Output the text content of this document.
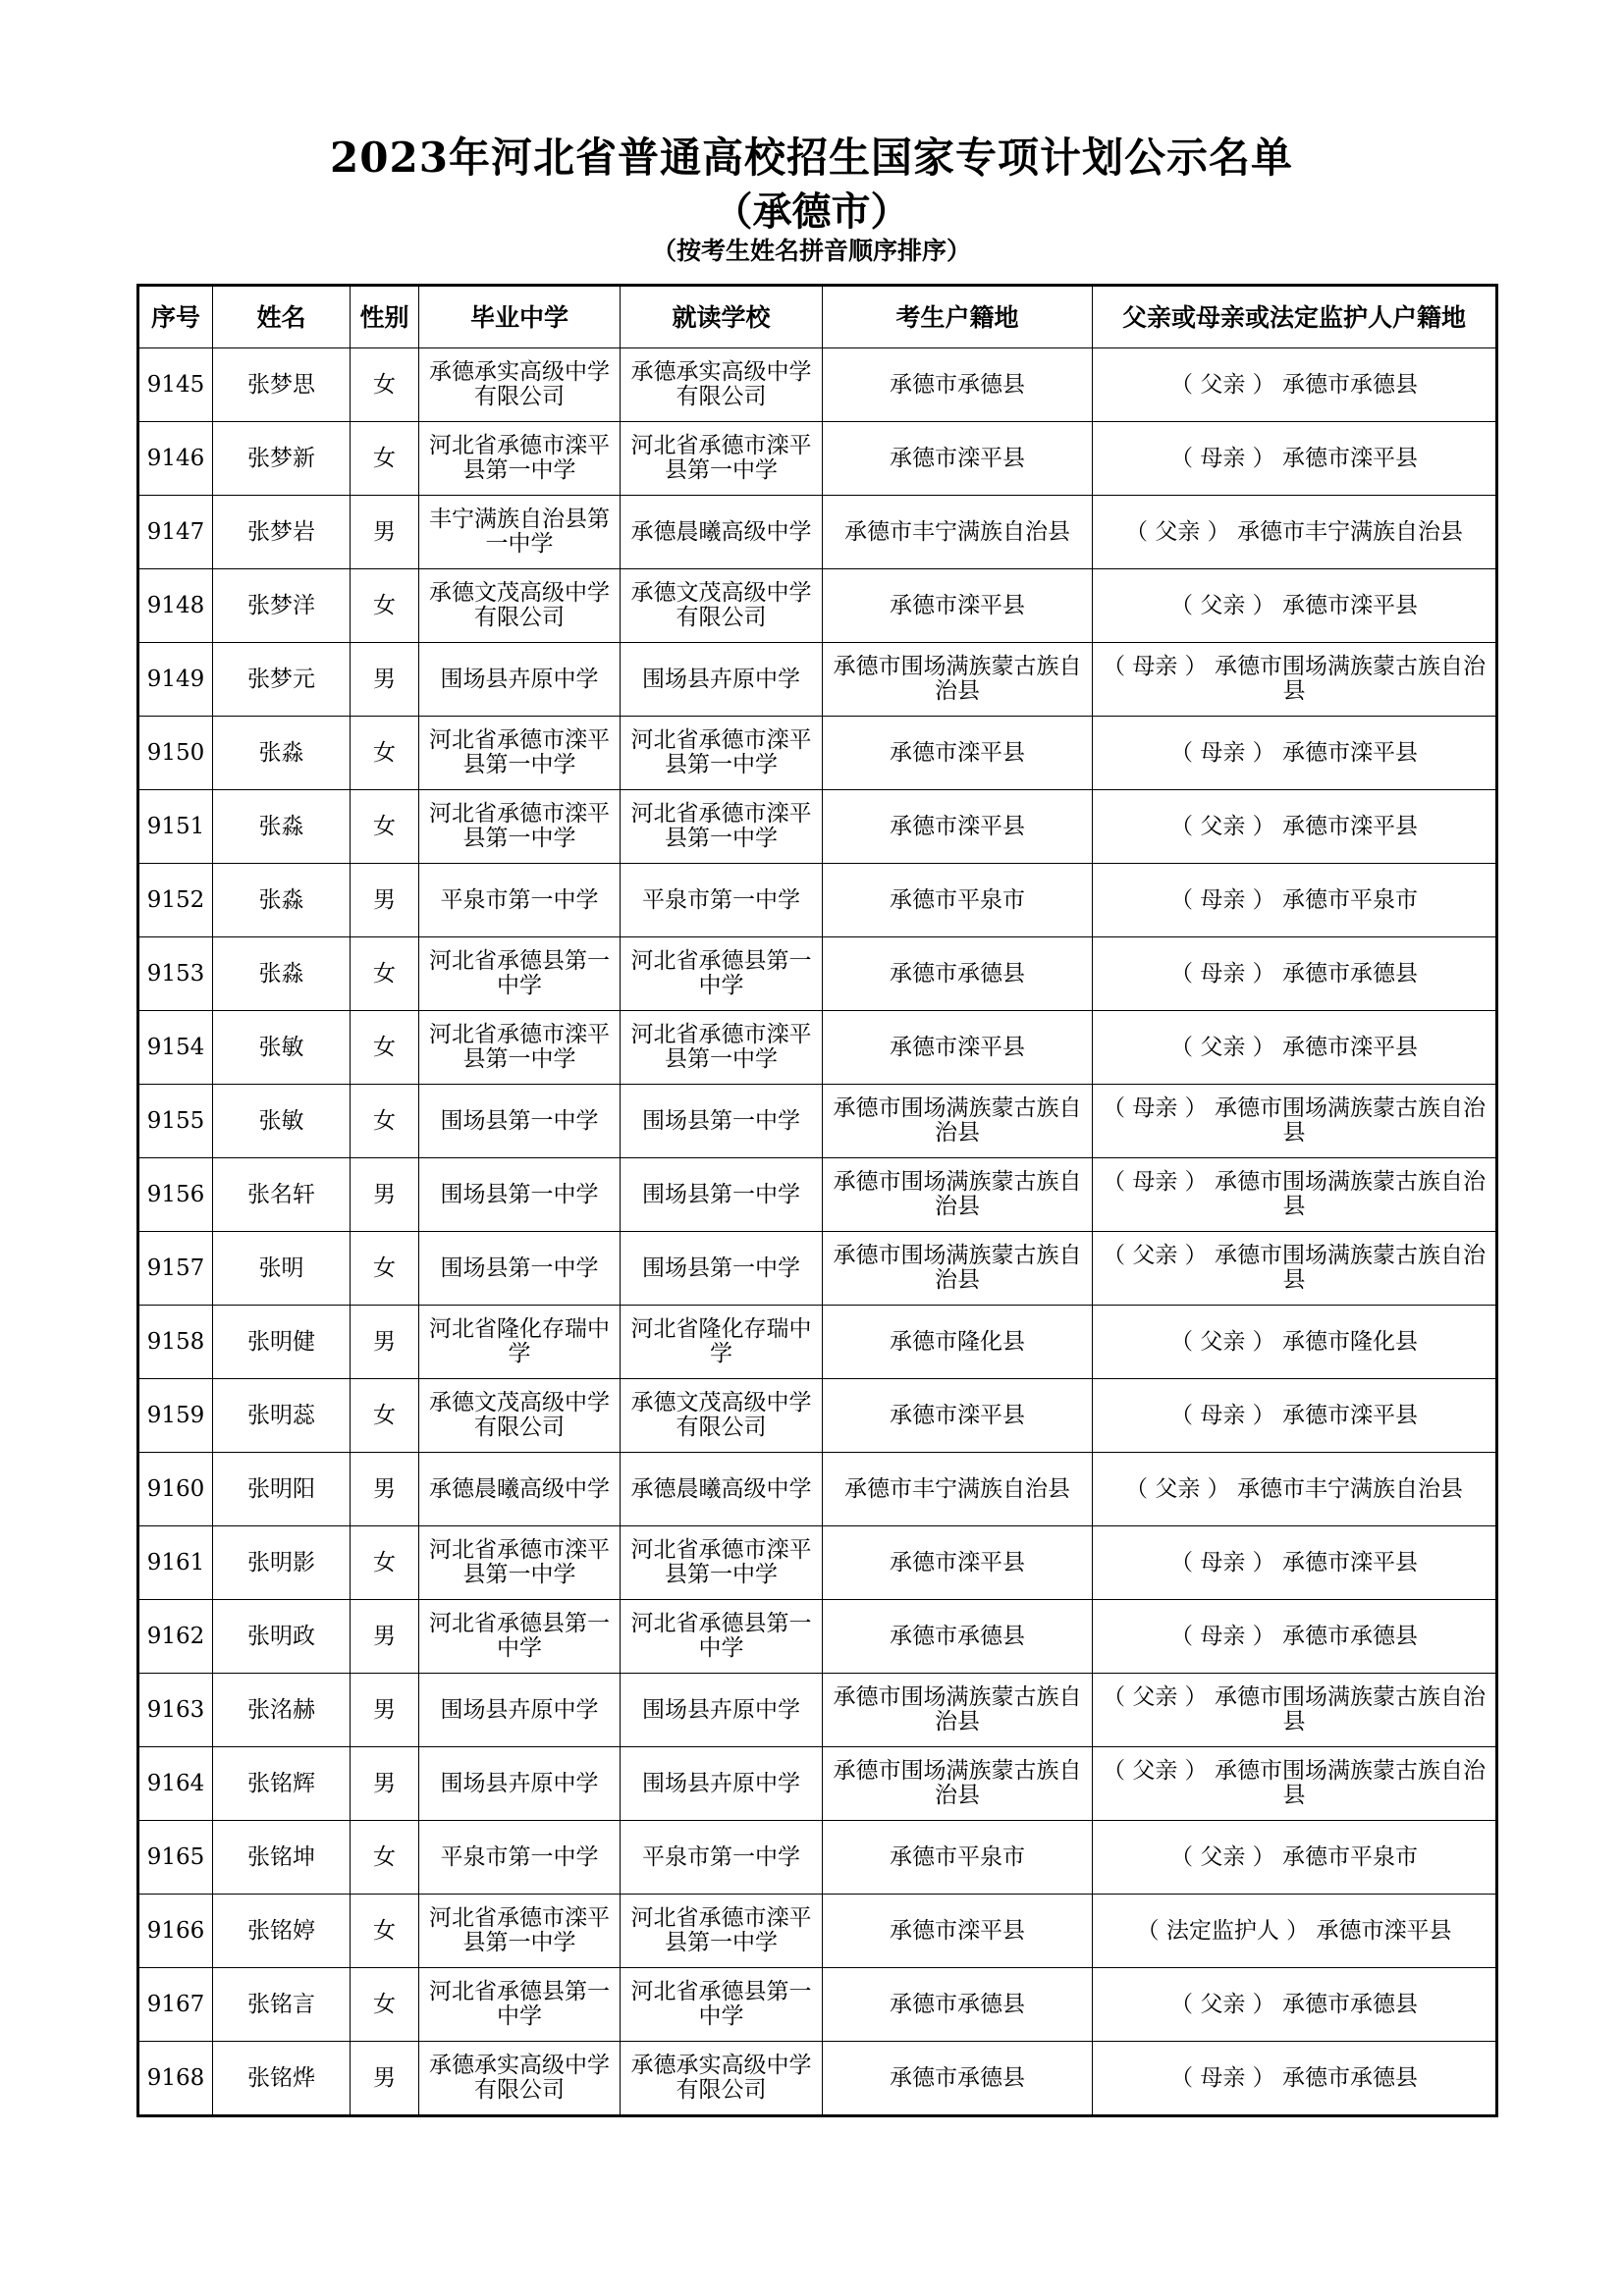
2023年河北省普通高校招生国家专项计划公示名单
（承德市）
（按考生姓名拼音顺序排序）
序号	姓名	性别	毕业中学	就读学校	考生户籍地	父亲或母亲或法定监护人户籍地
9145	张梦思	女	承德承实高级中学有限公司	承德承实高级中学有限公司	承德市承德县	（ 父亲 ） 承德市承德县
9146	张梦新	女	河北省承德市滦平县第一中学	河北省承德市滦平县第一中学	承德市滦平县	（ 母亲 ） 承德市滦平县
9147	张梦岩	男	丰宁满族自治县第一中学	承德晨曦高级中学	承德市丰宁满族自治县	（ 父亲 ） 承德市丰宁满族自治县
9148	张梦洋	女	承德文茂高级中学有限公司	承德文茂高级中学有限公司	承德市滦平县	（ 父亲 ） 承德市滦平县
9149	张梦元	男	围场县卉原中学	围场县卉原中学	承德市围场满族蒙古族自治县	（ 母亲 ） 承德市围场满族蒙古族自治县
9150	张淼	女	河北省承德市滦平县第一中学	河北省承德市滦平县第一中学	承德市滦平县	（ 母亲 ） 承德市滦平县
9151	张淼	女	河北省承德市滦平县第一中学	河北省承德市滦平县第一中学	承德市滦平县	（ 父亲 ） 承德市滦平县
9152	张淼	男	平泉市第一中学	平泉市第一中学	承德市平泉市	（ 母亲 ） 承德市平泉市
9153	张淼	女	河北省承德县第一中学	河北省承德县第一中学	承德市承德县	（ 母亲 ） 承德市承德县
9154	张敏	女	河北省承德市滦平县第一中学	河北省承德市滦平县第一中学	承德市滦平县	（ 父亲 ） 承德市滦平县
9155	张敏	女	围场县第一中学	围场县第一中学	承德市围场满族蒙古族自治县	（ 母亲 ） 承德市围场满族蒙古族自治县
9156	张名轩	男	围场县第一中学	围场县第一中学	承德市围场满族蒙古族自治县	（ 母亲 ） 承德市围场满族蒙古族自治县
9157	张明	女	围场县第一中学	围场县第一中学	承德市围场满族蒙古族自治县	（ 父亲 ） 承德市围场满族蒙古族自治县
9158	张明健	男	河北省隆化存瑞中学	河北省隆化存瑞中学	承德市隆化县	（ 父亲 ） 承德市隆化县
9159	张明蕊	女	承德文茂高级中学有限公司	承德文茂高级中学有限公司	承德市滦平县	（ 母亲 ） 承德市滦平县
9160	张明阳	男	承德晨曦高级中学	承德晨曦高级中学	承德市丰宁满族自治县	（ 父亲 ） 承德市丰宁满族自治县
9161	张明影	女	河北省承德市滦平县第一中学	河北省承德市滦平县第一中学	承德市滦平县	（ 母亲 ） 承德市滦平县
9162	张明政	男	河北省承德县第一中学	河北省承德县第一中学	承德市承德县	（ 母亲 ） 承德市承德县
9163	张洺赫	男	围场县卉原中学	围场县卉原中学	承德市围场满族蒙古族自治县	（ 父亲 ） 承德市围场满族蒙古族自治县
9164	张铭辉	男	围场县卉原中学	围场县卉原中学	承德市围场满族蒙古族自治县	（ 父亲 ） 承德市围场满族蒙古族自治县
9165	张铭坤	女	平泉市第一中学	平泉市第一中学	承德市平泉市	（ 父亲 ） 承德市平泉市
9166	张铭婷	女	河北省承德市滦平县第一中学	河北省承德市滦平县第一中学	承德市滦平县	（ 法定监护人 ） 承德市滦平县
9167	张铭言	女	河北省承德县第一中学	河北省承德县第一中学	承德市承德县	（ 父亲 ） 承德市承德县
9168	张铭烨	男	承德承实高级中学有限公司	承德承实高级中学有限公司	承德市承德县	（ 母亲 ） 承德市承德县
